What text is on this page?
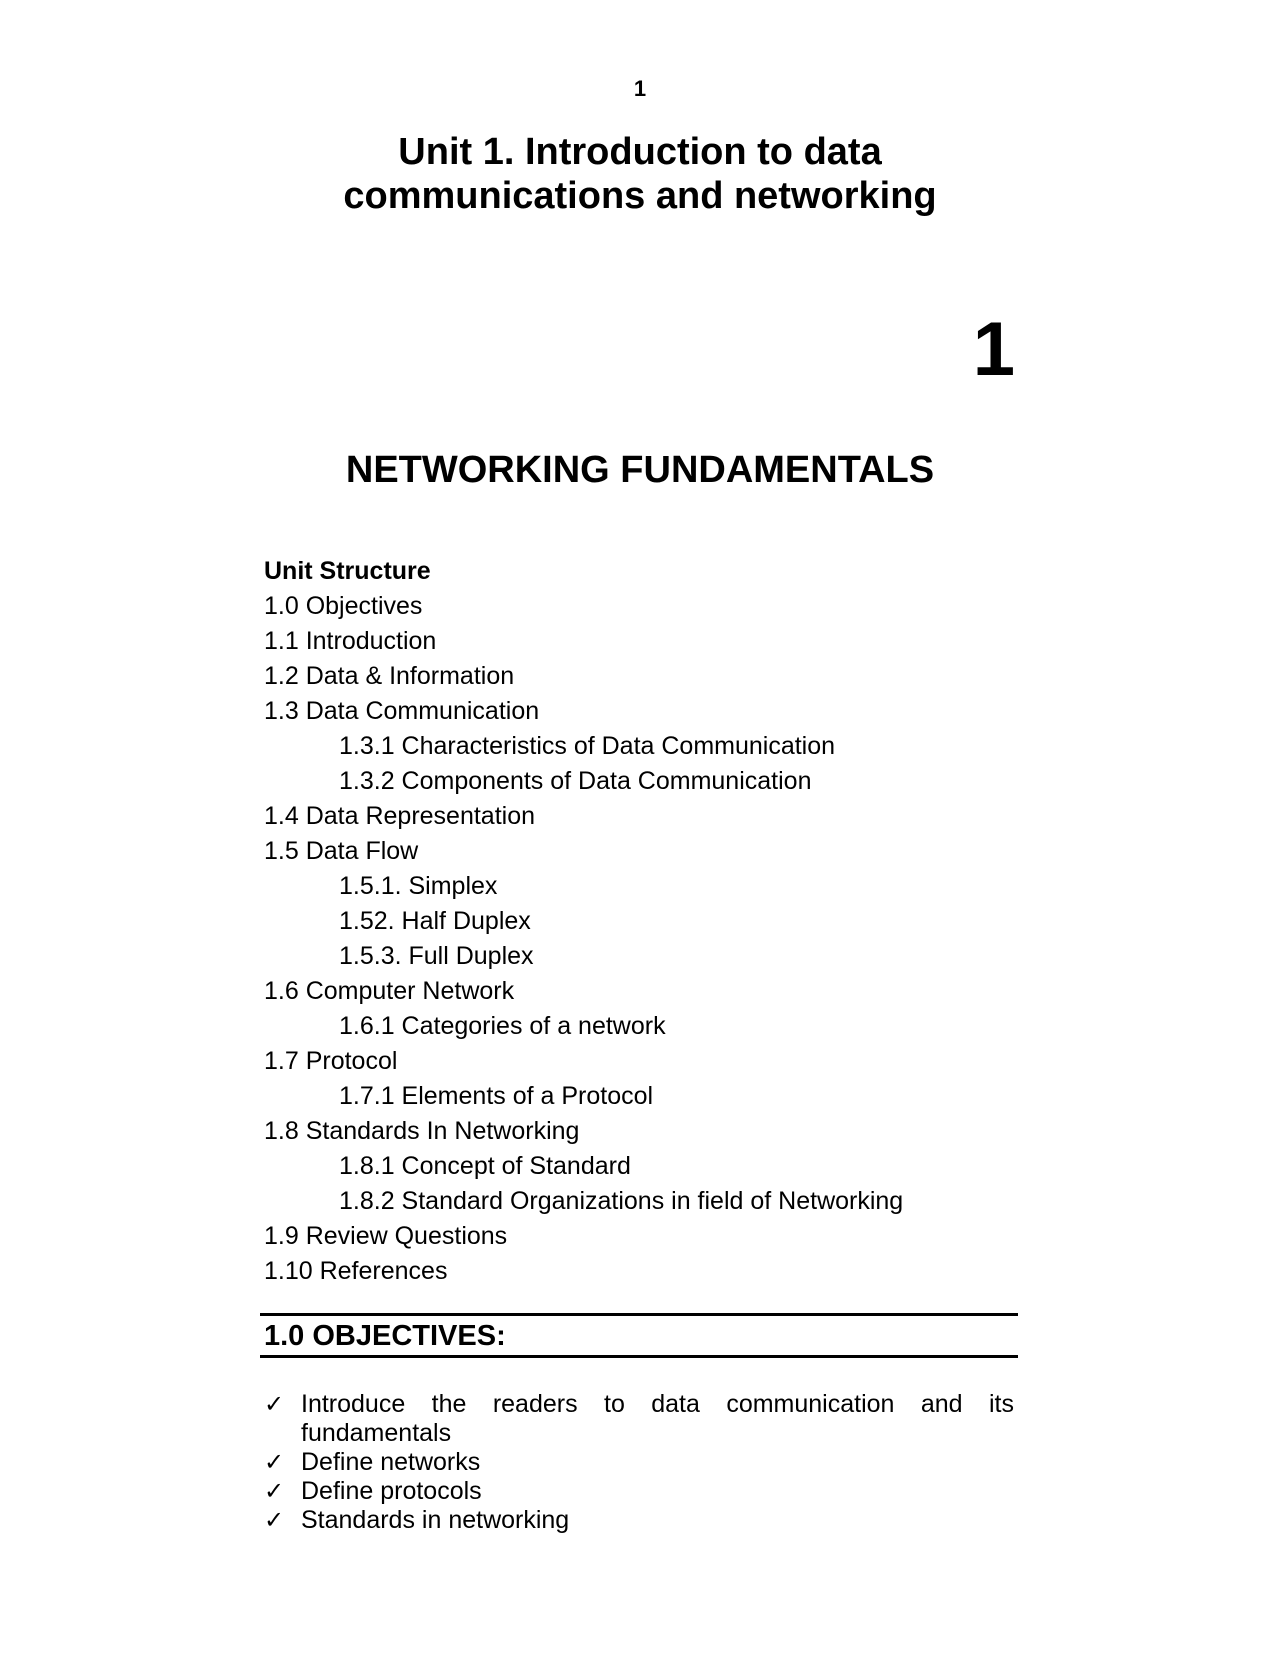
1
Unit 1. Introduction to data
communications and networking
1
NETWORKING FUNDAMENTALS
Unit Structure
1.0 Objectives
1.1 Introduction
1.2 Data & Information
1.3 Data Communication
1.3.1 Characteristics of Data Communication
1.3.2 Components of Data Communication
1.4 Data Representation
1.5 Data Flow
1.5.1. Simplex
1.52. Half Duplex
1.5.3. Full Duplex
1.6 Computer Network
1.6.1 Categories of a network
1.7 Protocol
1.7.1 Elements of a Protocol
1.8 Standards In Networking
1.8.1 Concept of Standard
1.8.2 Standard Organizations in field of Networking
1.9 Review Questions
1.10 References
1.0 OBJECTIVES:
✓ Introduce the readers to data communication and its fundamentals
✓ Define networks
✓ Define protocols
✓ Standards in networking
